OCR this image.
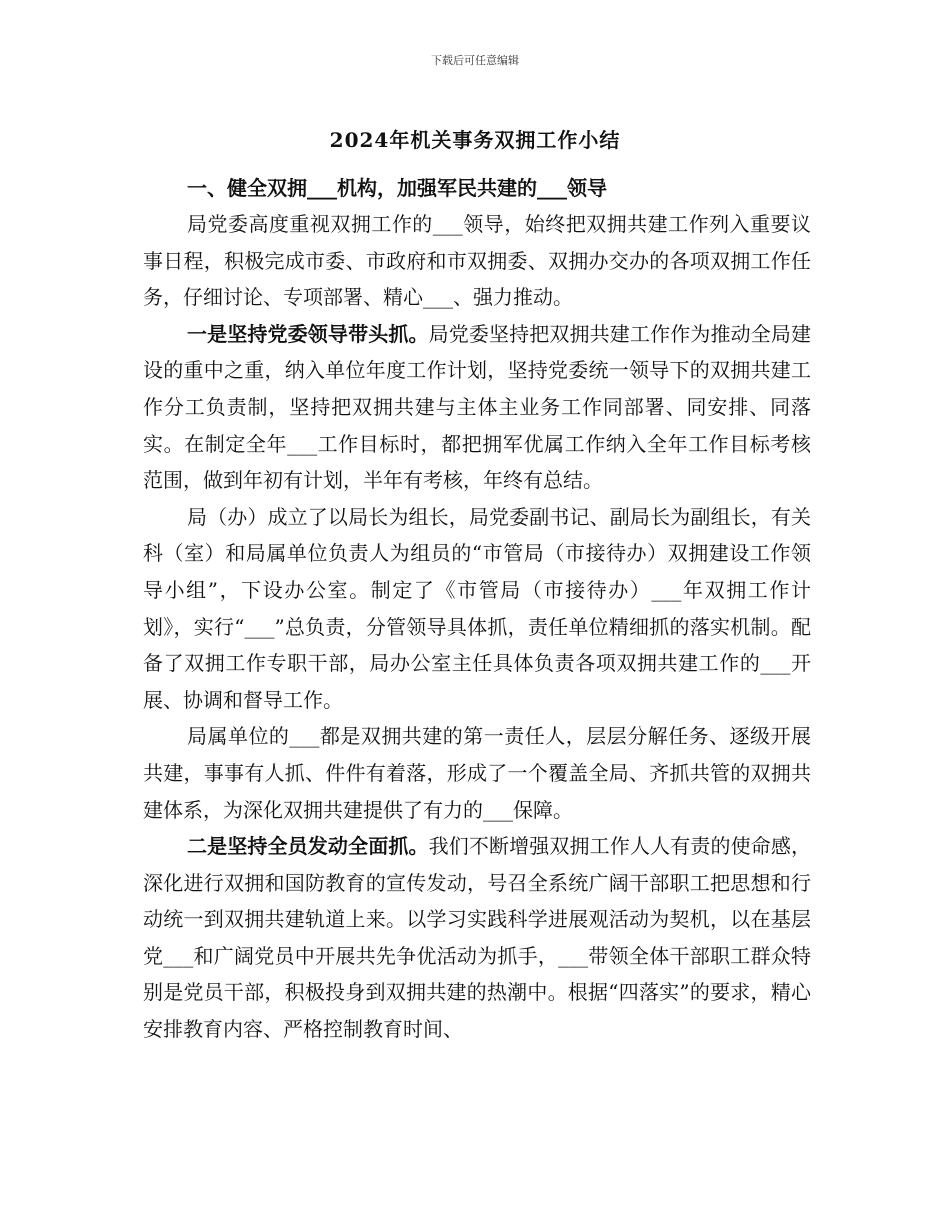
下载后可任意编辑
2024年机关事务双拥工作小结

一、健全双拥___机构，加强军民共建的___领导

局党委高度重视双拥工作的___领导，始终把双拥共建工作列入重要议事日程，积极完成市委、市政府和市双拥委、双拥办交办的各项双拥工作任务，仔细讨论、专项部署、精心___、强力推动。

一是坚持党委领导带头抓。局党委坚持把双拥共建工作作为推动全局建设的重中之重，纳入单位年度工作计划，坚持党委统一领导下的双拥共建工作分工负责制，坚持把双拥共建与主体主业务工作同部署、同安排、同落实。在制定全年___工作目标时，都把拥军优属工作纳入全年工作目标考核范围，做到年初有计划，半年有考核，年终有总结。

局（办）成立了以局长为组长，局党委副书记、副局长为副组长，有关科（室）和局属单位负责人为组员的“市管局（市接待办）双拥建设工作领导小组”，下设办公室。制定了《市管局（市接待办）___年双拥工作计划》，实行“___”总负责，分管领导具体抓，责任单位精细抓的落实机制。配备了双拥工作专职干部，局办公室主任具体负责各项双拥共建工作的___开展、协调和督导工作。

局属单位的___都是双拥共建的第一责任人，层层分解任务、逐级开展共建，事事有人抓、件件有着落，形成了一个覆盖全局、齐抓共管的双拥共建体系，为深化双拥共建提供了有力的___保障。

二是坚持全员发动全面抓。我们不断增强双拥工作人人有责的使命感，深化进行双拥和国防教育的宣传发动，号召全系统广阔干部职工把思想和行动统一到双拥共建轨道上来。以学习实践科学进展观活动为契机，以在基层党___和广阔党员中开展共先争优活动为抓手，___带领全体干部职工群众特别是党员干部，积极投身到双拥共建的热潮中。根据“四落实”的要求，精心安排教育内容、严格控制教育时间、
